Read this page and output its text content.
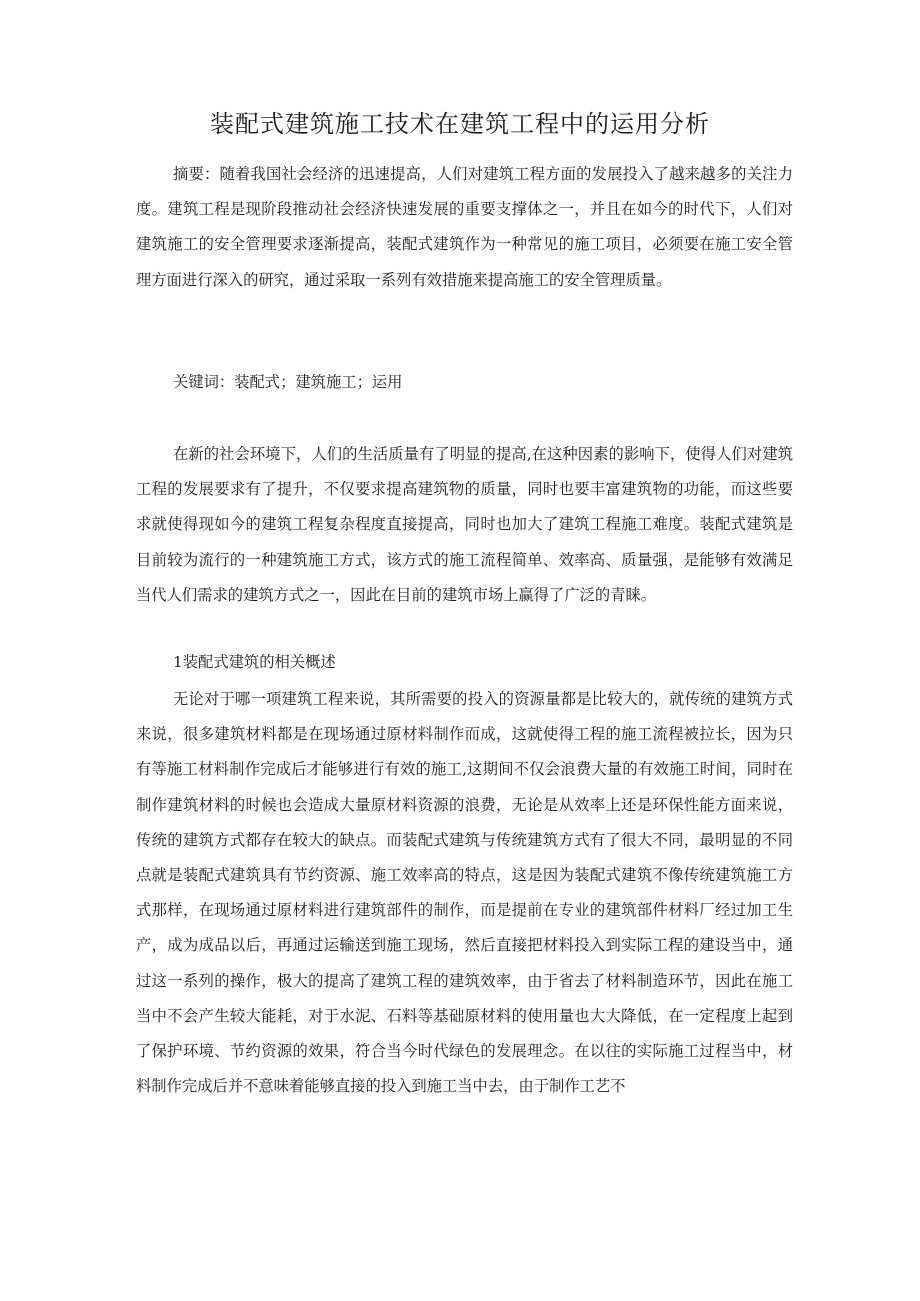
装配式建筑施工技术在建筑工程中的运用分析

摘要：随着我国社会经济的迅速提高，人们对建筑工程方面的发展投入了越来越多的关注力度。建筑工程是现阶段推动社会经济快速发展的重要支撑体之一，并且在如今的时代下，人们对建筑施工的安全管理要求逐渐提高，装配式建筑作为一种常见的施工项目，必须要在施工安全管理方面进行深入的研究，通过采取一系列有效措施来提高施工的安全管理质量。

关键词：装配式；建筑施工；运用

在新的社会环境下，人们的生活质量有了明显的提高,在这种因素的影响下，使得人们对建筑工程的发展要求有了提升，不仅要求提高建筑物的质量，同时也要丰富建筑物的功能，而这些要求就使得现如今的建筑工程复杂程度直接提高，同时也加大了建筑工程施工难度。装配式建筑是目前较为流行的一种建筑施工方式，该方式的施工流程简单、效率高、质量强，是能够有效满足当代人们需求的建筑方式之一，因此在目前的建筑市场上赢得了广泛的青睐。

1装配式建筑的相关概述

无论对于哪一项建筑工程来说，其所需要的投入的资源量都是比较大的，就传统的建筑方式来说，很多建筑材料都是在现场通过原材料制作而成，这就使得工程的施工流程被拉长，因为只有等施工材料制作完成后才能够进行有效的施工,这期间不仅会浪费大量的有效施工时间，同时在制作建筑材料的时候也会造成大量原材料资源的浪费，无论是从效率上还是环保性能方面来说，传统的建筑方式都存在较大的缺点。而装配式建筑与传统建筑方式有了很大不同，最明显的不同点就是装配式建筑具有节约资源、施工效率高的特点，这是因为装配式建筑不像传统建筑施工方式那样，在现场通过原材料进行建筑部件的制作，而是提前在专业的建筑部件材料厂经过加工生产，成为成品以后，再通过运输送到施工现场，然后直接把材料投入到实际工程的建设当中，通过这一系列的操作，极大的提高了建筑工程的建筑效率，由于省去了材料制造环节，因此在施工当中不会产生较大能耗，对于水泥、石料等基础原材料的使用量也大大降低，在一定程度上起到了保护环境、节约资源的效果，符合当今时代绿色的发展理念。在以往的实际施工过程当中，材料制作完成后并不意味着能够直接的投入到施工当中去，由于制作工艺不
